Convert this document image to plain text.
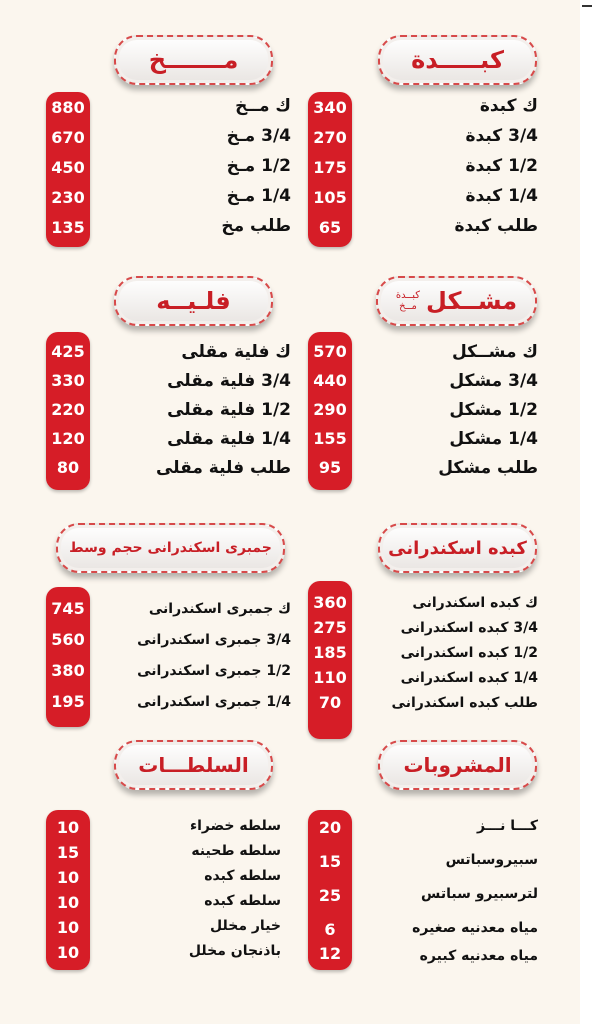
كبـــــدة
340
270
175
105
65
ك كبدة
3/4 كبدة
1/2 كبدة
1/4 كبدة
طلب كبدة
مـــــــخ
880
670
450
230
135
ك مــخ
3/4 مـخ
1/2 مـخ
1/4 مـخ
طلب مخ
مشــكل
كبــدة
مــخ
570
440
290
155
95
ك مشــكل
3/4 مشكل
1/2 مشكل
1/4 مشكل
طلب مشكل
فلـيــه
425
330
220
120
80
ك فلية مقلى
3/4 فلية مقلى
1/2 فلية مقلى
1/4 فلية مقلى
طلب فلية مقلى
كبده اسكندرانى
360
275
185
110
70
ك كبده اسكندرانى
3/4 كبده اسكندرانى
1/2 كبده اسكندرانى
1/4 كبده اسكندرانى
طلب كبده اسكندرانى
جمبرى اسكندرانى حجم وسط
745
560
380
195
ك جمبرى اسكندرانى
3/4 جمبرى اسكندرانى
1/2 جمبرى اسكندرانى
1/4 جمبرى اسكندرانى
المشروبات
20
15
25
6
12
كـــا نـــز
سبيروسباتس
لترسبيرو سباتس
مياه معدنيه صغيره
مياه معدنيه كبيره
السلطـــات
10
15
10
10
10
10
سلطه خضراء
سلطه طحينه
سلطه كبده
سلطه كبده
خيار مخلل
باذنجان مخلل
